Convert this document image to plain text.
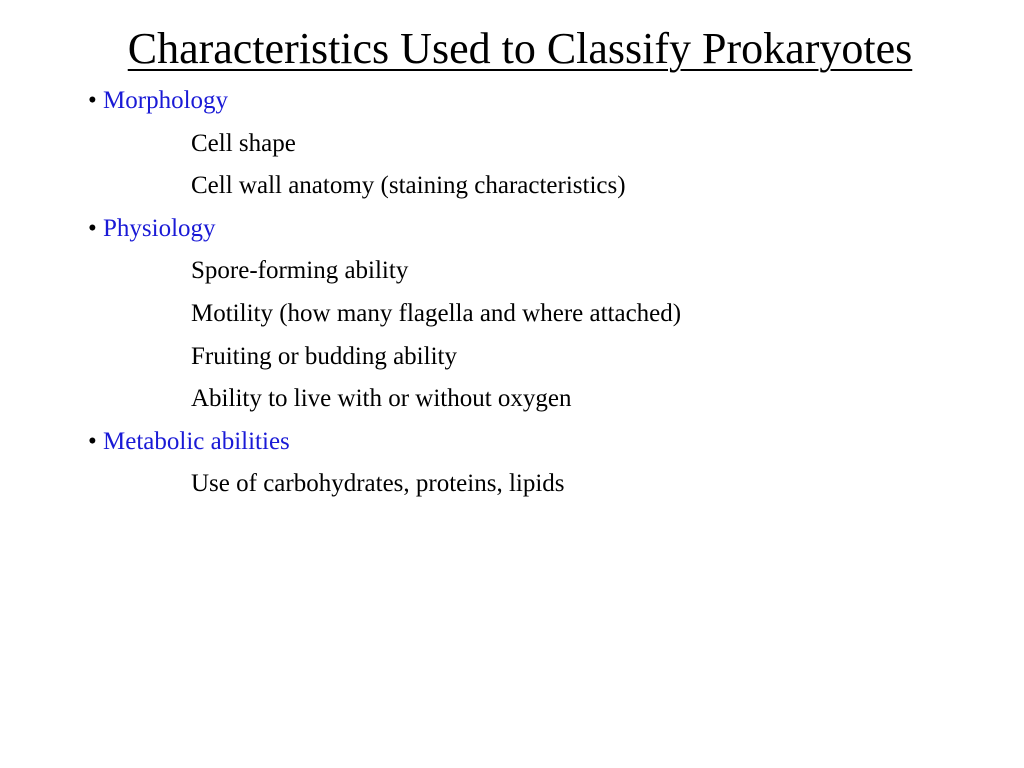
Characteristics Used to Classify Prokaryotes
• Morphology
Cell shape
Cell wall anatomy (staining characteristics)
• Physiology
Spore-forming ability
Motility (how many flagella and where attached)
Fruiting or budding ability
Ability to live with or without oxygen
• Metabolic abilities
Use of carbohydrates, proteins, lipids
